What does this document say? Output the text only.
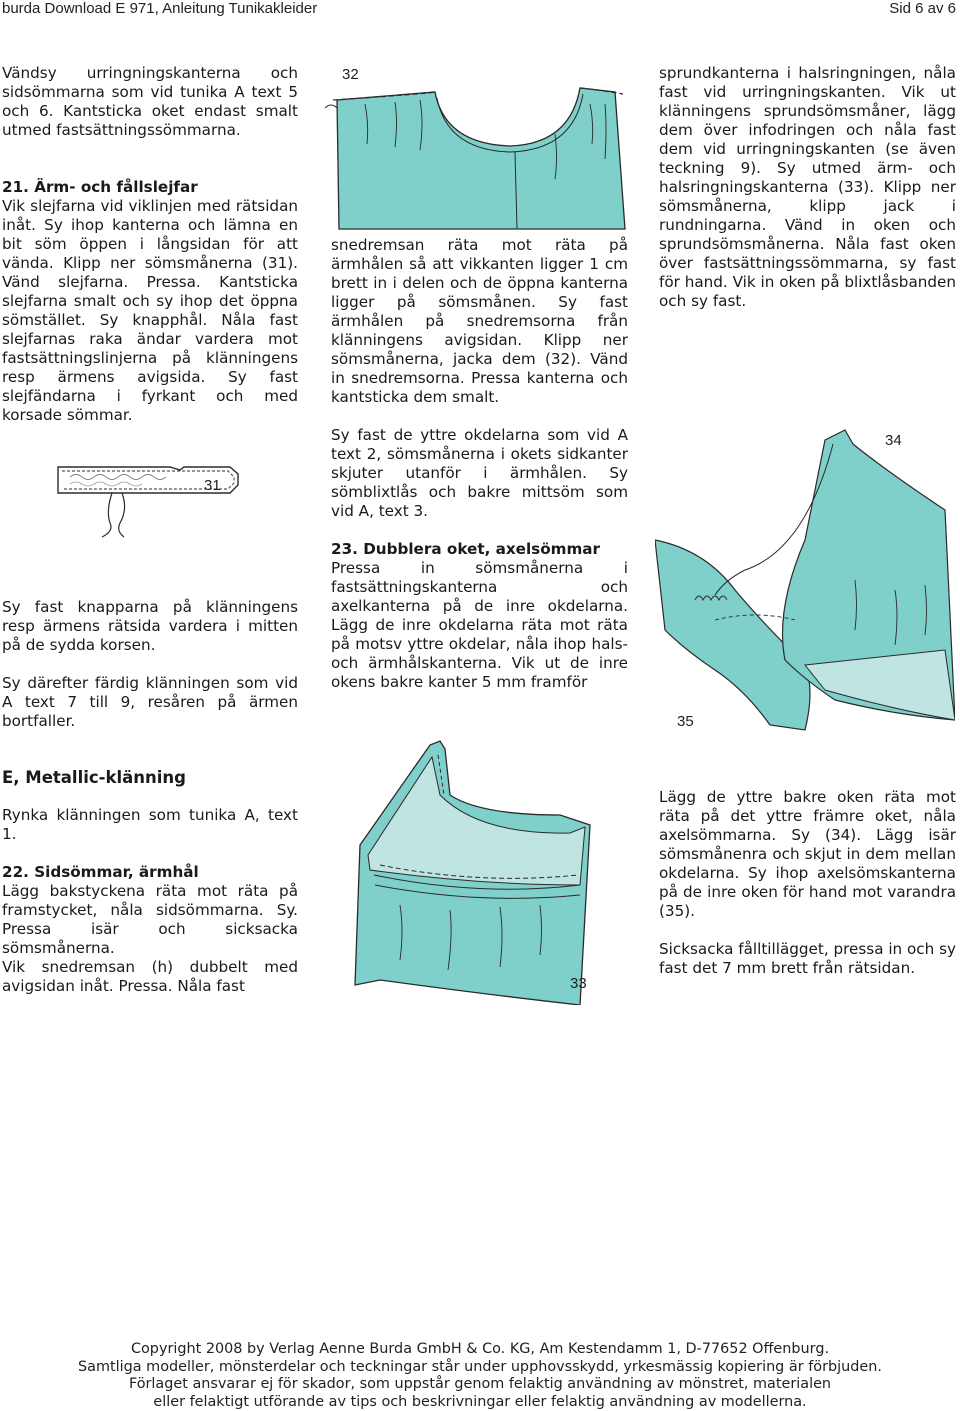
burda Download E 971, Anleitung Tunikakleider	Sid 6 av 6

Vändsy urringningskanterna och sidsömmarna som vid tunika A text 5 och 6. Kantsticka oket endast smalt utmed fastsättningssömmarna.

21. Ärm- och fållslejfar
Vik slejfarna vid viklinjen med rätsidan inåt. Sy ihop kanterna och lämna en bit söm öppen i långsidan för att vända. Klipp ner sömsmånerna (31). Vänd slejfarna. Pressa. Kantsticka slejfarna smalt och sy ihop det öppna sömstället. Sy knapphål. Nåla fast slejfarnas raka ändar vardera mot fastsättningslinjerna på klänningens resp ärmens avigsida. Sy fast slejfändarna i fyrkant och med korsade sömmar.
31

Sy fast knapparna på klänningens resp ärmens rätsida vardera i mitten på de sydda korsen.

Sy därefter färdig klänningen som vid A text 7 till 9, resåren på ärmen bortfaller.

E, Metallic-klänning

Rynka klänningen som tunika A, text 1.

22. Sidsömmar, ärmhål
Lägg bakstyckena räta mot räta på framstycket, nåla sidsömmarna. Sy. Pressa isär och sicksacka sömsmånerna.
Vik snedremsan (h) dubbelt med avigsidan inåt. Pressa. Nåla fast
32

snedremsan räta mot räta på ärmhålen så att vikkanten ligger 1 cm brett in i delen och de öppna kanterna ligger på sömsmånen. Sy fast ärmhålen på snedremsorna från klänningens avigsidan. Klipp ner sömsmånerna, jacka dem (32). Vänd in snedremsorna. Pressa kanterna och kantsticka dem smalt.

Sy fast de yttre okdelarna som vid A text 2, sömsmånerna i okets sidkanter skjuter utanför i ärmhålen. Sy sömblixtlås och bakre mittsöm som vid A, text 3.

23. Dubblera oket, axelsömmar
Pressa in sömsmånerna i fastsättningskanterna och axelkanterna på de inre okdelarna. Lägg de inre okdelarna räta mot räta på motsv yttre okdelar, nåla ihop hals- och ärmhålskanterna. Vik ut de inre okens bakre kanter 5 mm framför
33

sprundkanterna i halsringningen, nåla fast vid urringningskanten. Vik ut klänningens sprundsömsmåner, lägg dem över infodringen och nåla fast dem vid urringningskanten (se även teckning 9). Sy utmed ärm- och halsringningskanterna (33). Klipp ner sömsmånerna, klipp jack i rundningarna. Vänd in oken och sprundsömsmånerna. Nåla fast oken över fastsättningssömmarna, sy fast för hand. Vik in oken på blixtlåsbanden och sy fast.

34
35

Lägg de yttre bakre oken räta mot räta på det yttre främre oket, nåla axelsömmarna. Sy (34). Lägg isär sömsmånenra och skjut in dem mellan okdelarna. Sy ihop axelsömskanterna på de inre oken för hand mot varandra (35).

Sicksacka fålltillägget, pressa in och sy fast det 7 mm brett från rätsidan.

Copyright 2008 by Verlag Aenne Burda GmbH & Co. KG, Am Kestendamm 1, D-77652 Offenburg.
Samtliga modeller, mönsterdelar och teckningar står under upphovsskydd, yrkesmässig kopiering är förbjuden.
Förlaget ansvarar ej för skador, som uppstår genom felaktig användning av mönstret, materialen
eller felaktigt utförande av tips och beskrivningar eller felaktig användning av modellerna.
